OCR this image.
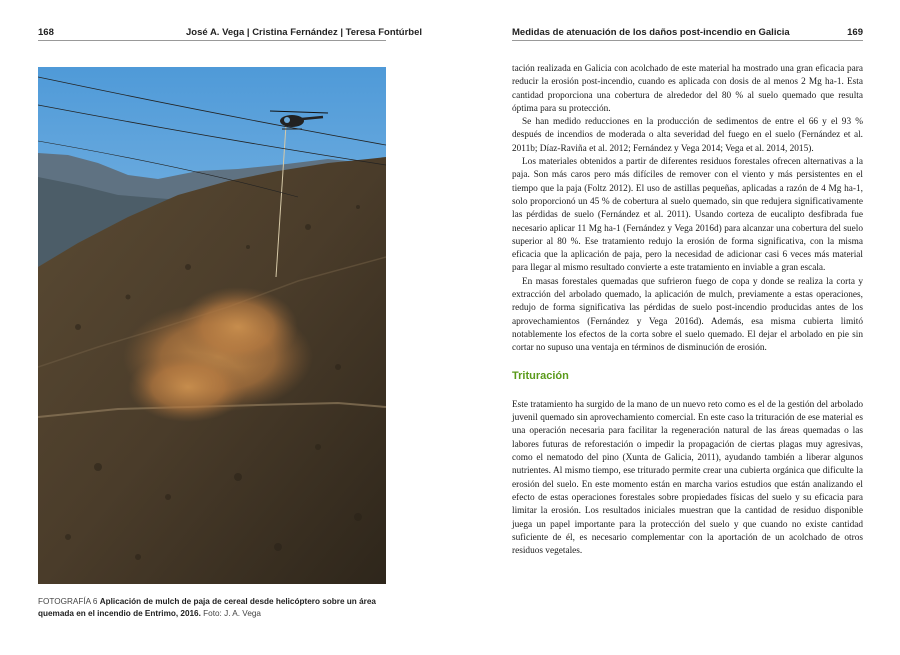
168	José A. Vega | Cristina Fernández | Teresa Fontúrbel
FOTOGRAFÍA 6 Aplicación de mulch de paja de cereal desde helicóptero sobre un área quemada en el incendio de Entrimo, 2016. Foto: J. A. Vega
Medidas de atenuación de los daños post-incendio en Galicia	169

tación realizada en Galicia con acolchado de este material ha mostrado una gran eficacia para reducir la erosión post-incendio, cuando es aplicada con dosis de al menos 2 Mg ha-1. Esta cantidad proporciona una cobertura de alrededor del 80 % al suelo quemado que resulta óptima para su protección.

Se han medido reducciones en la producción de sedimentos de entre el 66 y el 93 % después de incendios de moderada o alta severidad del fuego en el suelo (Fernández et al. 2011b; Díaz-Raviña et al. 2012; Fernández y Vega 2014; Vega et al. 2014, 2015).

Los materiales obtenidos a partir de diferentes residuos forestales ofrecen alternativas a la paja. Son más caros pero más difíciles de remover con el viento y más persistentes en el tiempo que la paja (Foltz 2012). El uso de astillas pequeñas, aplicadas a razón de 4 Mg ha-1, solo proporcionó un 45 % de cobertura al suelo quemado, sin que redujera significativamente las pérdidas de suelo (Fernández et al. 2011). Usando corteza de eucalipto desfibrada fue necesario aplicar 11 Mg ha-1 (Fernández y Vega 2016d) para alcanzar una cobertura del suelo superior al 80 %. Ese tratamiento redujo la erosión de forma significativa, con la misma eficacia que la aplicación de paja, pero la necesidad de adicionar casi 6 veces más material para llegar al mismo resultado convierte a este tratamiento en inviable a gran escala.

En masas forestales quemadas que sufrieron fuego de copa y donde se realiza la corta y extracción del arbolado quemado, la aplicación de mulch, previamente a estas operaciones, redujo de forma significativa las pérdidas de suelo post-incendio producidas antes de los aprovechamientos (Fernández y Vega 2016d). Además, esa misma cubierta limitó notablemente los efectos de la corta sobre el suelo quemado. El dejar el arbolado en pie sin cortar no supuso una ventaja en términos de disminución de erosión.

Trituración

Este tratamiento ha surgido de la mano de un nuevo reto como es el de la gestión del arbolado juvenil quemado sin aprovechamiento comercial. En este caso la trituración de ese material es una operación necesaria para facilitar la regeneración natural de las áreas quemadas o las labores futuras de reforestación o impedir la propagación de ciertas plagas muy agresivas, como el nematodo del pino (Xunta de Galicia, 2011), ayudando también a liberar algunos nutrientes. Al mismo tiempo, ese triturado permite crear una cubierta orgánica que dificulte la erosión del suelo. En este momento están en marcha varios estudios que están analizando el efecto de estas operaciones forestales sobre propiedades físicas del suelo y su eficacia para limitar la erosión. Los resultados iniciales muestran que la cantidad de residuo disponible juega un papel importante para la protección del suelo y que cuando no existe cantidad suficiente de él, es necesario complementar con la aportación de un acolchado de otros residuos vegetales.
